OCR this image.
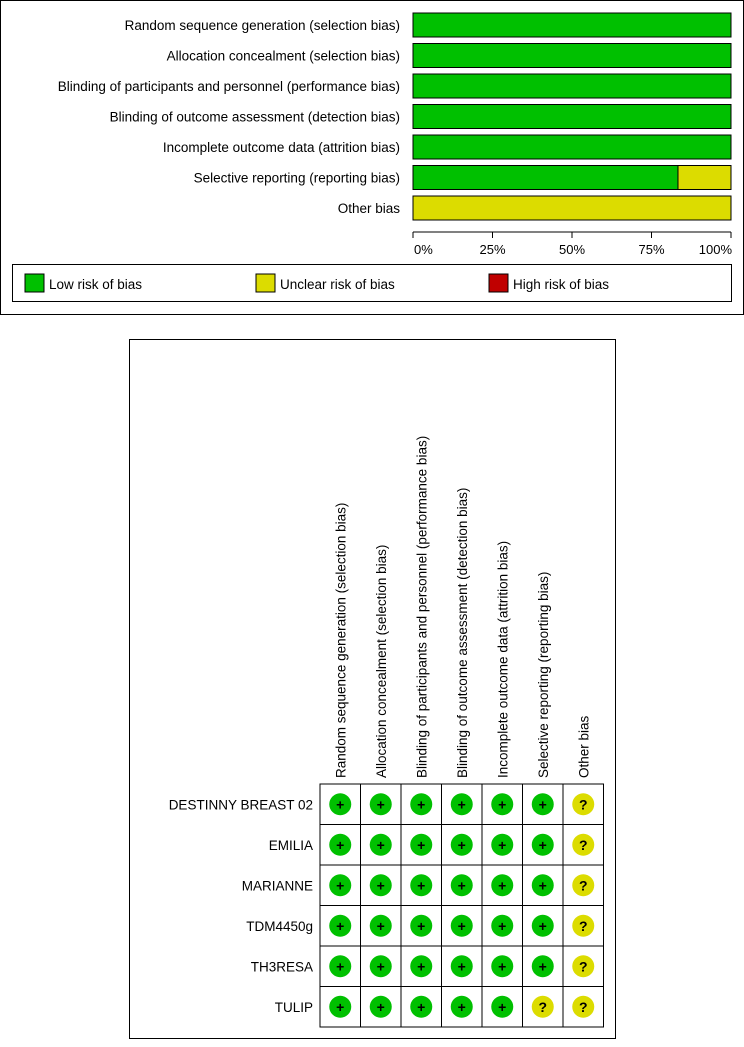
Random sequence generation (selection bias)
Allocation concealment (selection bias)
Blinding of participants and personnel (performance bias)
Blinding of outcome assessment (detection bias)
Incomplete outcome data (attrition bias)
Selective reporting (reporting bias)
Other bias
0%	25%	50%	75%	100%
Low risk of bias	Unclear risk of bias	High risk of bias
Random sequence generation (selection bias) Allocation concealment (selection bias) Blinding of participants and personnel (performance bias) Blinding of outcome assessment (detection bias) Incomplete outcome data (attrition bias) Selective reporting (reporting bias) Other bias
DESTINNY BREAST 02 + + + + + + ?
EMILIA + + + + + + ?
MARIANNE + + + + + + ?
TDM4450g + + + + + + ?
TH3RESA + + + + + + ?
TULIP + + + + + ? ?
